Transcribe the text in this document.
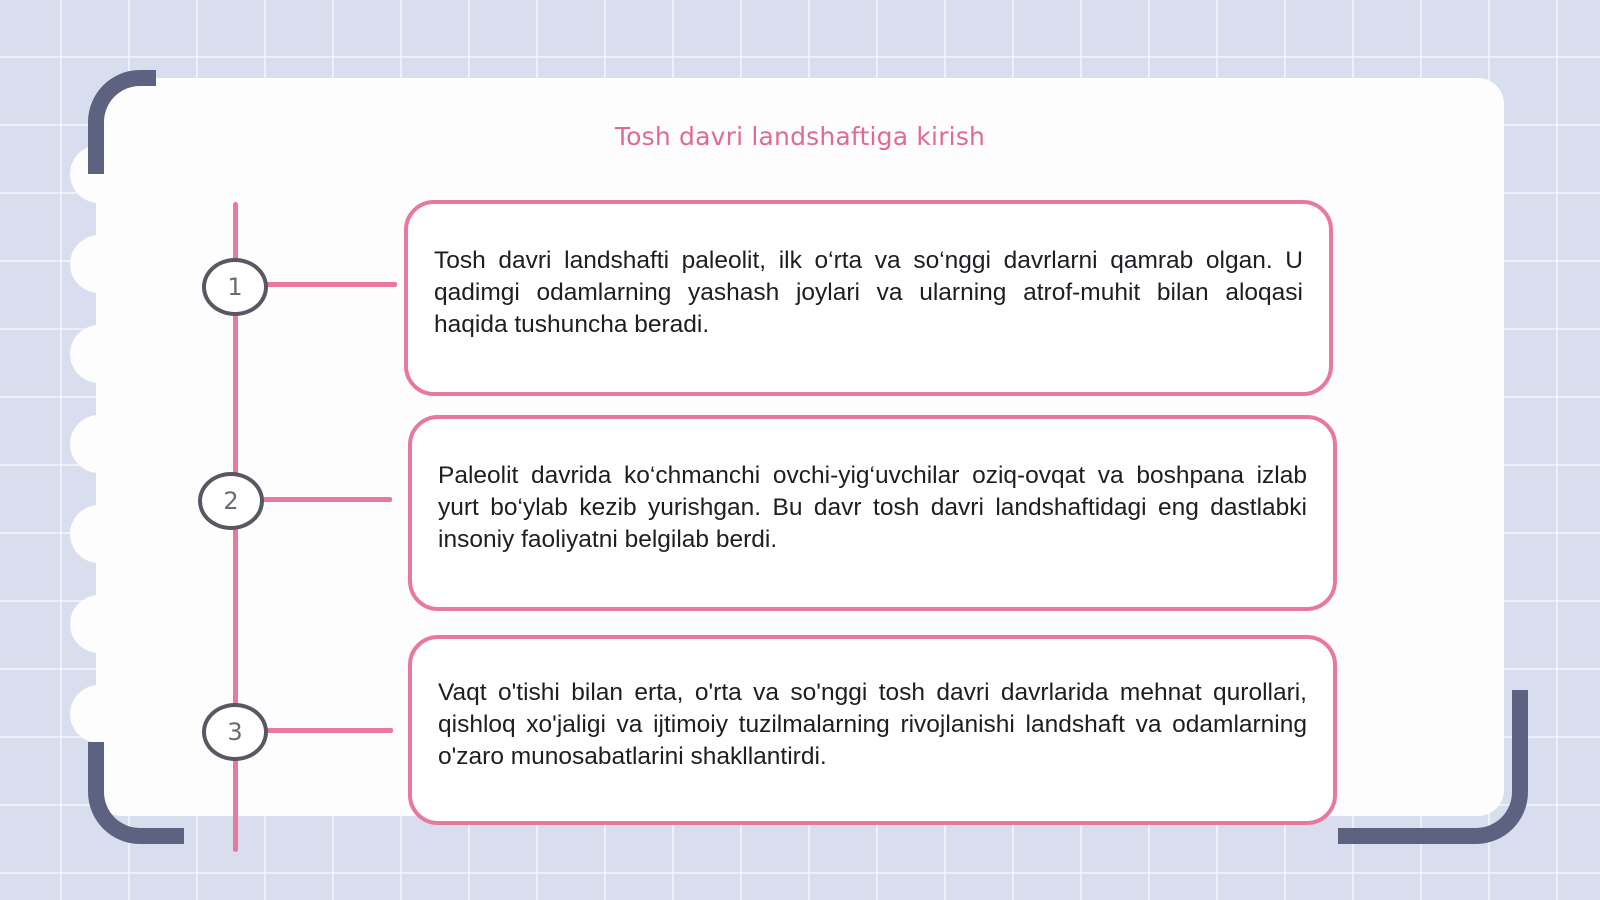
Tosh davri landshaftiga kirish
1
2
3
Tosh davri landshafti paleolit, ilk o‘rta va so‘nggi davrlarni qamrab olgan. U qadimgi odamlarning yashash joylari va ularning atrof-muhit bilan aloqasi haqida tushuncha beradi.
Paleolit davrida ko‘chmanchi ovchi-yig‘uvchilar oziq-ovqat va boshpana izlab yurt bo‘ylab kezib yurishgan. Bu davr tosh davri landshaftidagi eng dastlabki insoniy faoliyatni belgilab berdi.
Vaqt o'tishi bilan erta, o'rta va so'nggi tosh davri davrlarida mehnat qurollari, qishloq xo'jaligi va ijtimoiy tuzilmalarning rivojlanishi landshaft va odamlarning o'zaro munosabatlarini shakllantirdi.
